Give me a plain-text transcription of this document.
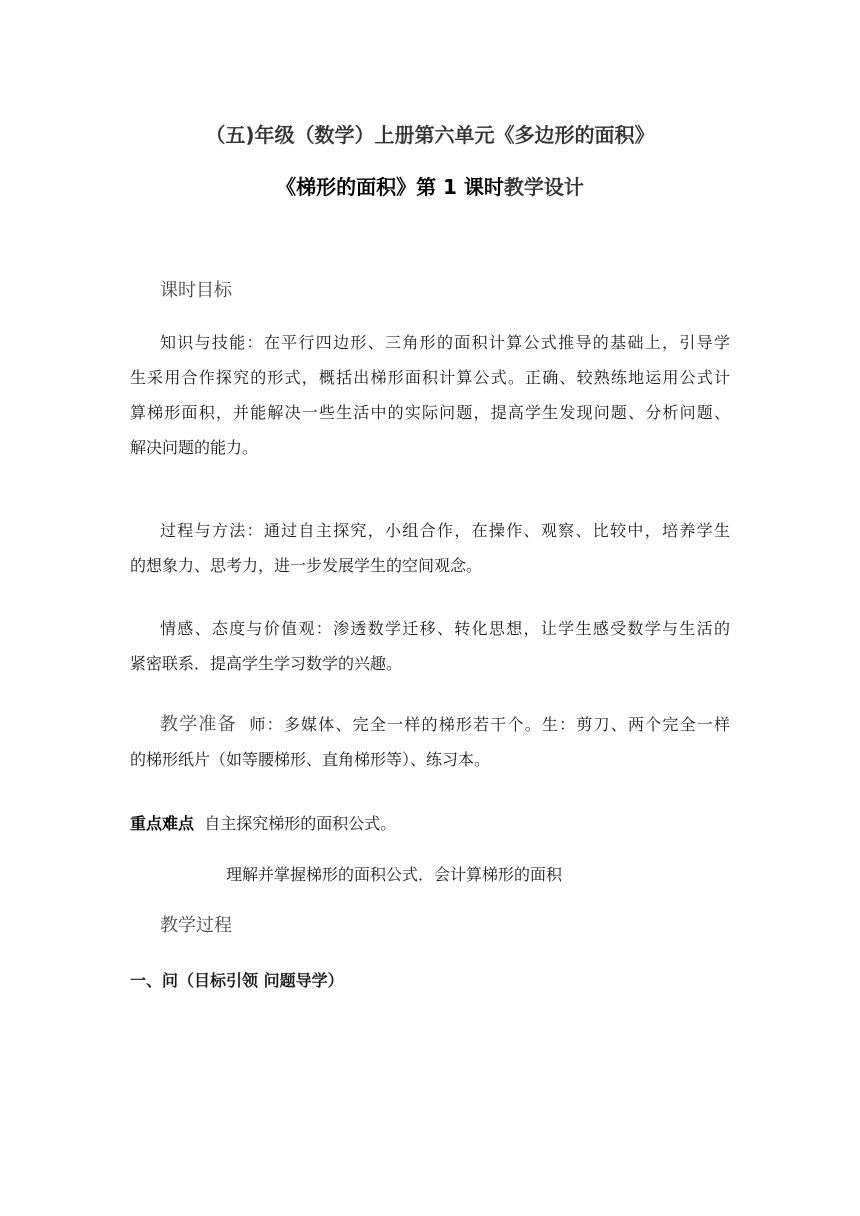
（五)年级（数学）上册第六单元《多边形的面积》
《梯形的面积》第 1 课时教学设计
课时目标
知识与技能：在平行四边形、三角形的面积计算公式推导的基础上，引导学
生采用合作探究的形式，概括出梯形面积计算公式。正确、较熟练地运用公式计
算梯形面积，并能解决一些生活中的实际问题，提高学生发现问题、分析问题、
解决问题的能力。
过程与方法：通过自主探究，小组合作，在操作、观察、比较中，培养学生
的想象力、思考力，进一步发展学生的空间观念。
情感、态度与价值观：渗透数学迁移、转化思想，让学生感受数学与生活的
紧密联系．提高学生学习数学的兴趣。
教学准备 师：多媒体、完全一样的梯形若干个。生：剪刀、两个完全一样
的梯形纸片（如等腰梯形、直角梯形等）、练习本。
重点难点 自主探究梯形的面积公式。
理解并掌握梯形的面积公式．会计算梯形的面积
教学过程
一、问（目标引领 问题导学）
